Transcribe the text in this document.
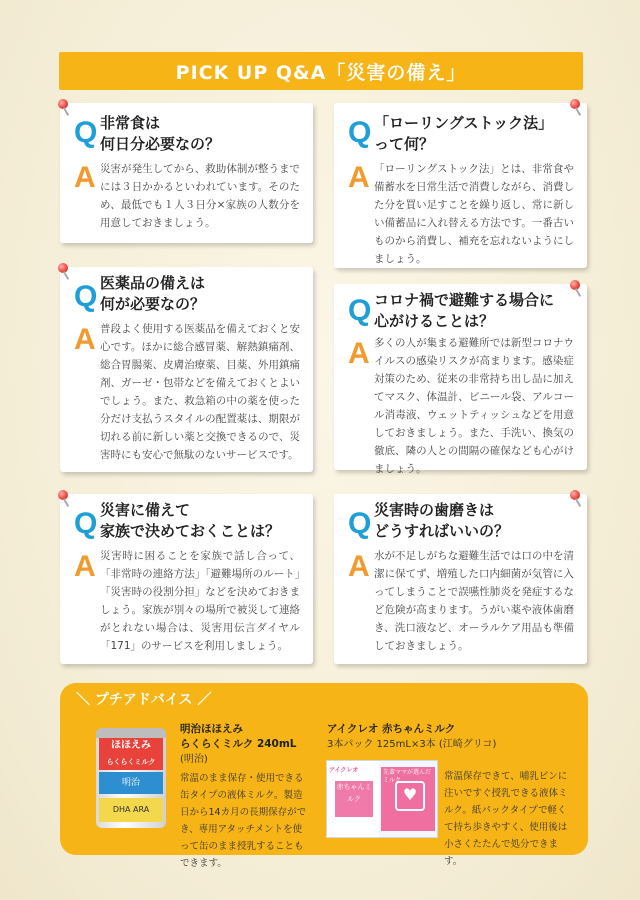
PICK UP Q&A「災害の備え」
Q 非常食は
何日分必要なの？
A 災害が発生してから、救助体制が整うまでには３日かかるといわれています。そのため、最低でも１人３日分×家族の人数分を用意しておきましょう。
Q 「ローリングストック法」
って何？
A 「ローリングストック法」とは、非常食や備蓄水を日常生活で消費しながら、消費した分を買い足すことを繰り返し、常に新しい備蓄品に入れ替える方法です。一番古いものから消費し、補充を忘れないようにしましょう。
Q 医薬品の備えは
何が必要なの？
A 普段よく使用する医薬品を備えておくと安心です。ほかに総合感冒薬、解熱鎮痛剤、総合胃腸薬、皮膚治療薬、目薬、外用鎮痛剤、ガーゼ・包帯などを備えておくとよいでしょう。また、救急箱の中の薬を使った分だけ支払うスタイルの配置薬は、期限が切れる前に新しい薬と交換できるので、災害時にも安心で無駄のないサービスです。
Q コロナ禍で避難する場合に
心がけることは？
A 多くの人が集まる避難所では新型コロナウイルスの感染リスクが高まります。感染症対策のため、従来の非常持ち出し品に加えてマスク、体温計、ビニール袋、アルコール消毒液、ウェットティッシュなどを用意しておきましょう。また、手洗い、換気の徹底、隣の人との間隔の確保なども心がけましょう。
Q 災害に備えて
家族で決めておくことは？
A 災害時に困ることを家族で話し合って、「非常時の連絡方法」「避難場所のルート」「災害時の役割分担」などを決めておきましょう。家族が別々の場所で被災して連絡がとれない場合は、災害用伝言ダイヤル「171」のサービスを利用しましょう。
Q 災害時の歯磨きは
どうすればいいの？
A 水が不足しがちな避難生活では口の中を清潔に保てず、増殖した口内細菌が気管に入ってしまうことで誤嚥性肺炎を発症するなど危険が高まります。うがい薬や液体歯磨き、洗口液など、オーラルケア用品も準備しておきましょう。
＼ プチアドバイス ／
ほほえみ
らくらくミルク
明治
DHA ARA
明治ほほえみ
らくらくミルク 240mL
(明治)
常温のまま保存・使用できる缶タイプの液体ミルク。製造日から14カ月の長期保存ができ、専用アタッチメントを使って缶のまま授乳することもできます。
アイクレオ 赤ちゃんミルク
3本パック 125mL×3本 (江崎グリコ)
アイクレオ
赤ちゃんミルク
先輩ママが選んだミルク
♥
常温保存できて、哺乳ビンに注いですぐ授乳できる液体ミルク。紙パックタイプで軽くて持ち歩きやすく、使用後は小さくたたんで処分できます。
